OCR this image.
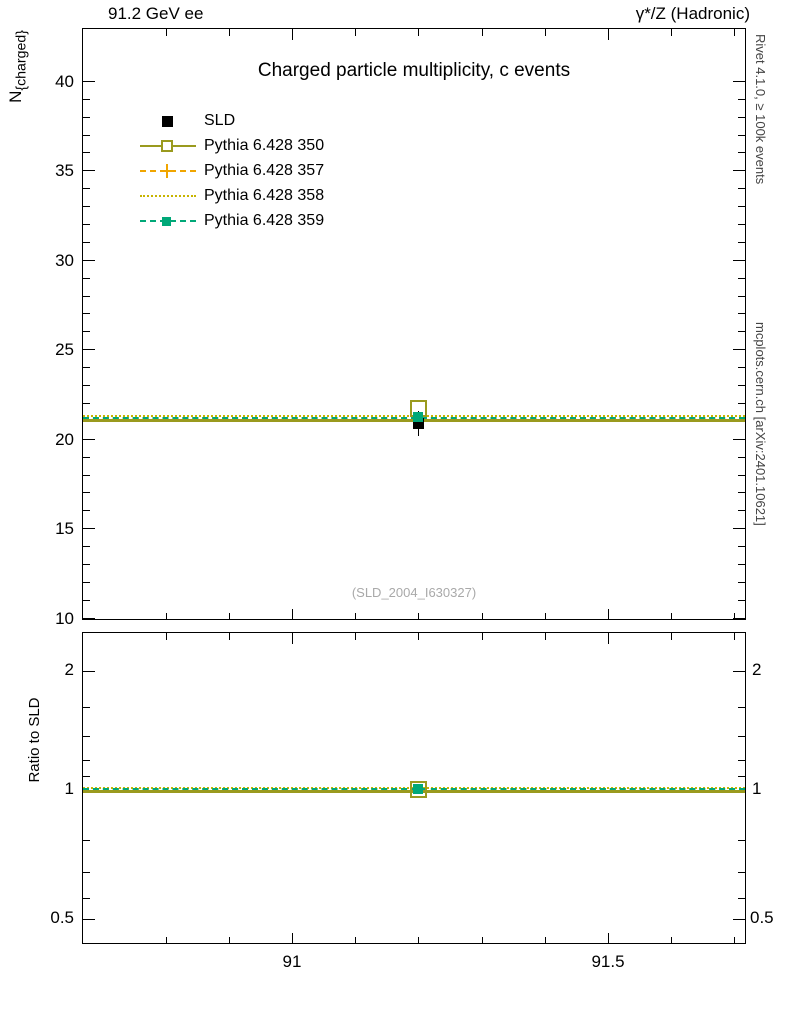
91.2 GeV ee	γ*/Z (Hadronic)
Rivet 4.1.0, ≥ 100k events
mcplots.cern.ch [arXiv:2401.10621]
$N_{\{charged\}}$	Charged particle multiplicity, c events
40
35
30
25
20
15
10
SLD
Pythia 6.428 350
Pythia 6.428 357
Pythia 6.428 358
Pythia 6.428 359
(SLD_2004_I630327)
Ratio to SLD
2
1
0.5
2
1
0.5
91	91.5
